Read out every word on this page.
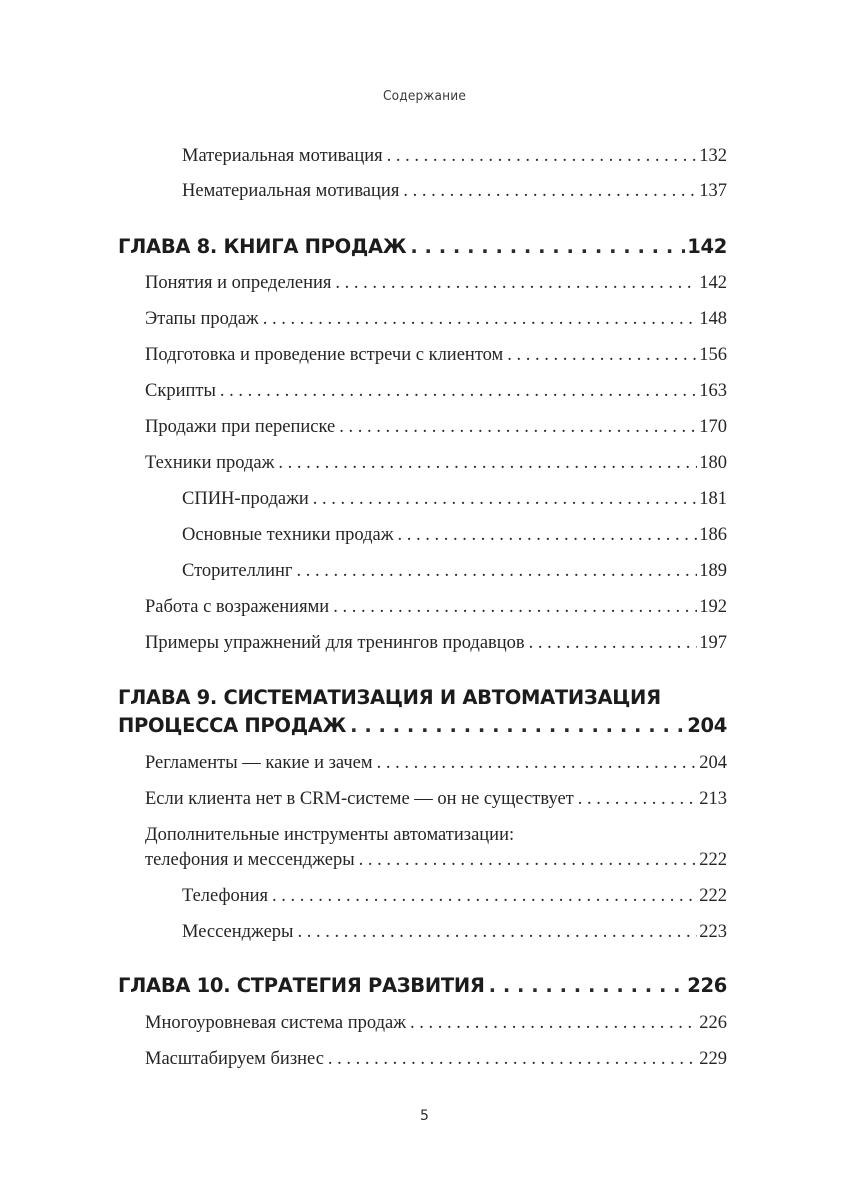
Содержание
Материальная мотивация . . .	132
Нематериальная мотивация . . .	137
ГЛАВА 8. КНИГА ПРОДАЖ . . .	142
Понятия и определения . . .	142
Этапы продаж . . .	148
Подготовка и проведение встречи с клиентом . . .	156
Скрипты . . .	163
Продажи при переписке . . .	170
Техники продаж . . .	180
СПИН-продажи . . .	181
Основные техники продаж . . .	186
Сторителлинг . . .	189
Работа с возражениями . . .	192
Примеры упражнений для тренингов продавцов . . .	197
ГЛАВА 9. СИСТЕМАТИЗАЦИЯ И АВТОМАТИЗАЦИЯ
ПРОЦЕССА ПРОДАЖ . . .	204
Регламенты — какие и зачем . . .	204
Если клиента нет в CRM-системе — он не существует . . .	213
Дополнительные инструменты автоматизации:
телефония и мессенджеры . . .	222
Телефония . . .	222
Мессенджеры . . .	223
ГЛАВА 10. СТРАТЕГИЯ РАЗВИТИЯ . . .	226
Многоуровневая система продаж . . .	226
Масштабируем бизнес . . .	229
5
